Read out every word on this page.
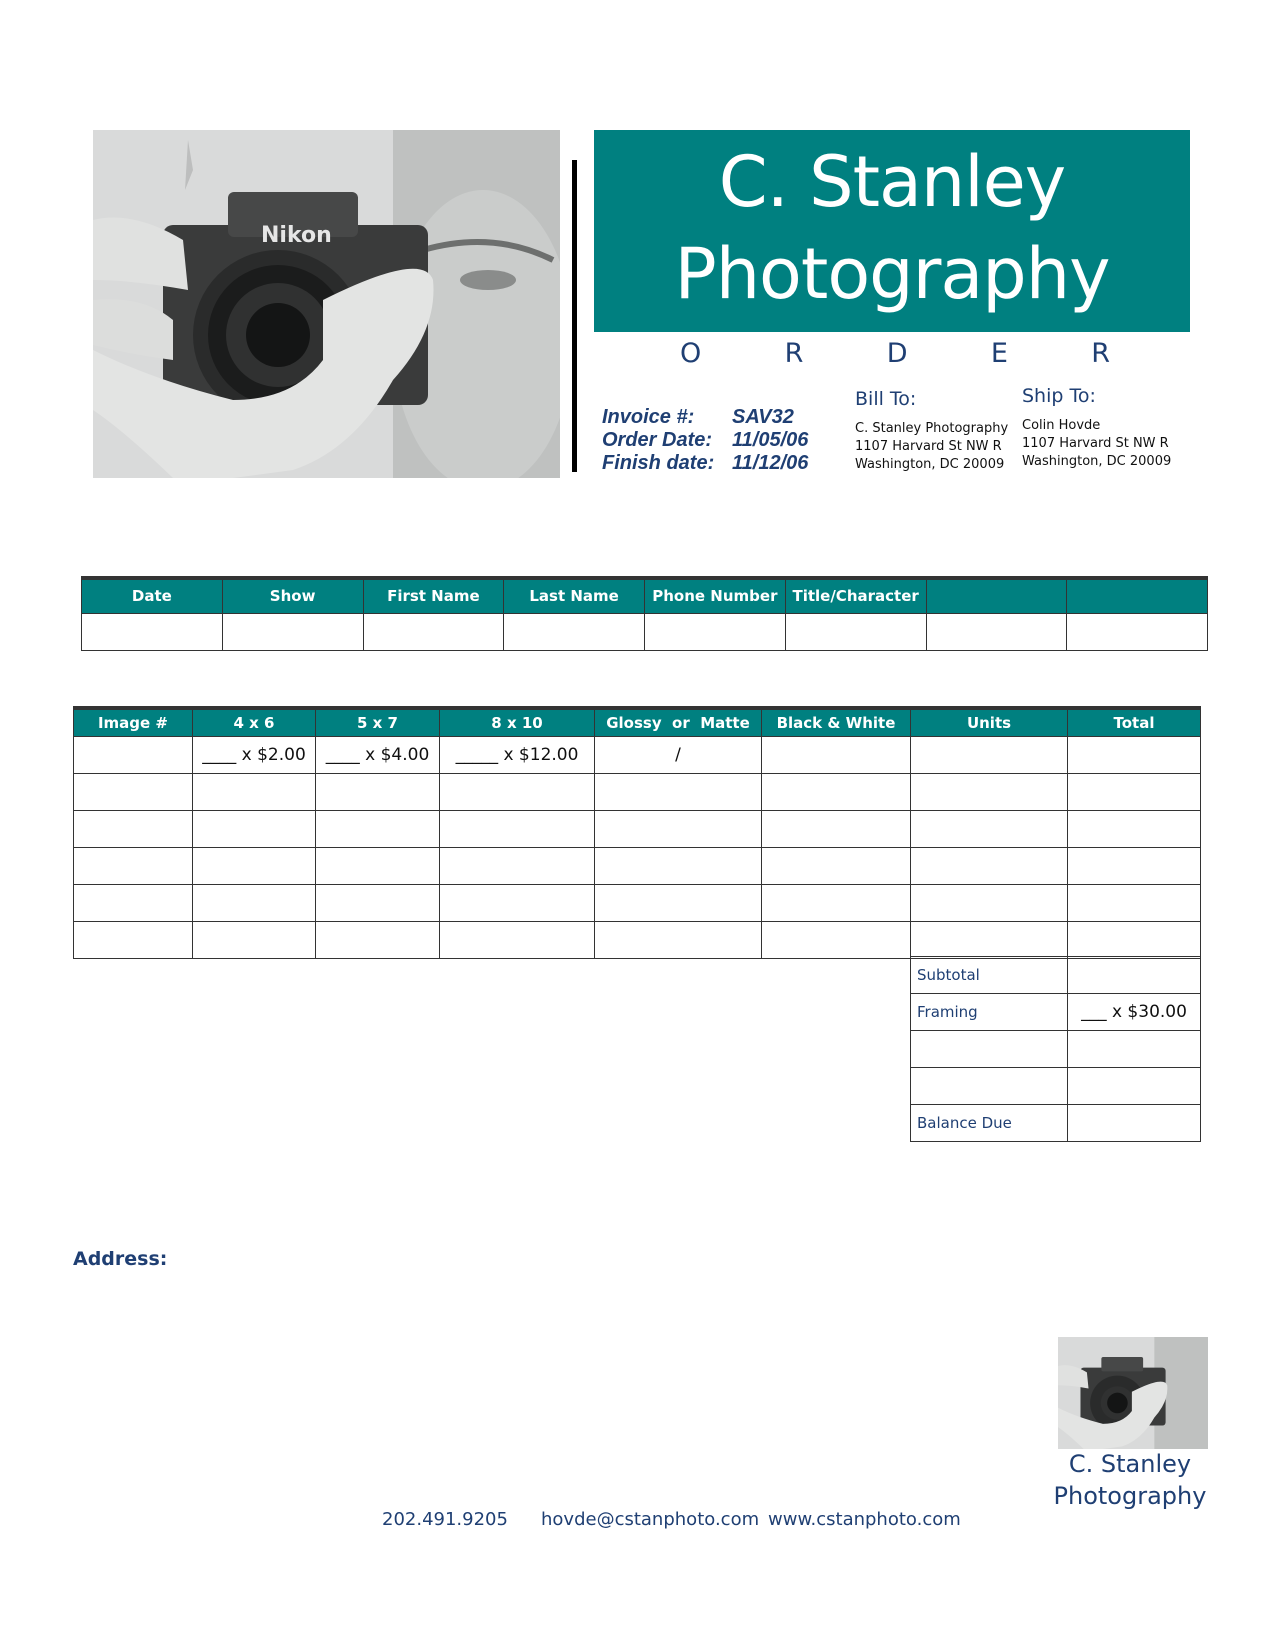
Nikon
C. Stanley
Photography
O	R	D	E	R
Invoice #:	SAV32
Order Date: 11/05/06
Finish date: 11/12/06
Bill To:
C. Stanley Photography
1107 Harvard St NW R
Washington, DC 20009
Ship To:
Colin Hovde
1107 Harvard St NW R
Washington, DC 20009
Date	Show	First Name	Last Name	Phone Number	Title/Character		

Image #	4 x 6	5 x 7	8 x 10	Glossy  or  Matte	Black & White	Units	Total
	____ x $2.00	____ x $4.00	_____ x $12.00	/			

Subtotal	
Framing	___ x $30.00

Balance Due	
Address:
C. Stanley
Photography
202.491.9205 hovde@cstanphoto.com www.cstanphoto.com
